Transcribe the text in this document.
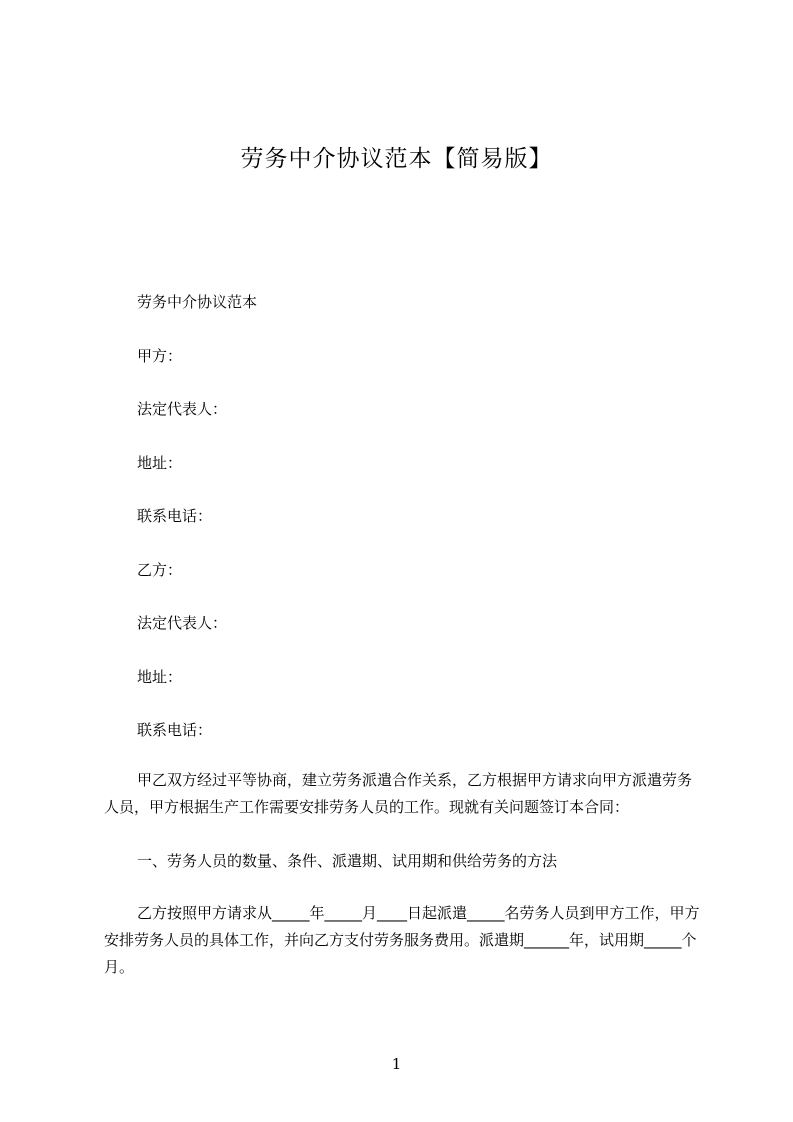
劳务中介协议范本【简易版】
劳务中介协议范本
甲方：
法定代表人：
地址：
联系电话：
乙方：
法定代表人：
地址：
联系电话：
甲乙双方经过平等协商，建立劳务派遣合作关系，乙方根据甲方请求向甲方派遣劳务人员，甲方根据生产工作需要安排劳务人员的工作。现就有关问题签订本合同：
一、劳务人员的数量、条件、派遣期、试用期和供给劳务的方法
乙方按照甲方请求从_____年_____月____日起派遣_____名劳务人员到甲方工作，甲方安排劳务人员的具体工作，并向乙方支付劳务服务费用。派遣期______年，试用期_____个月。
1
